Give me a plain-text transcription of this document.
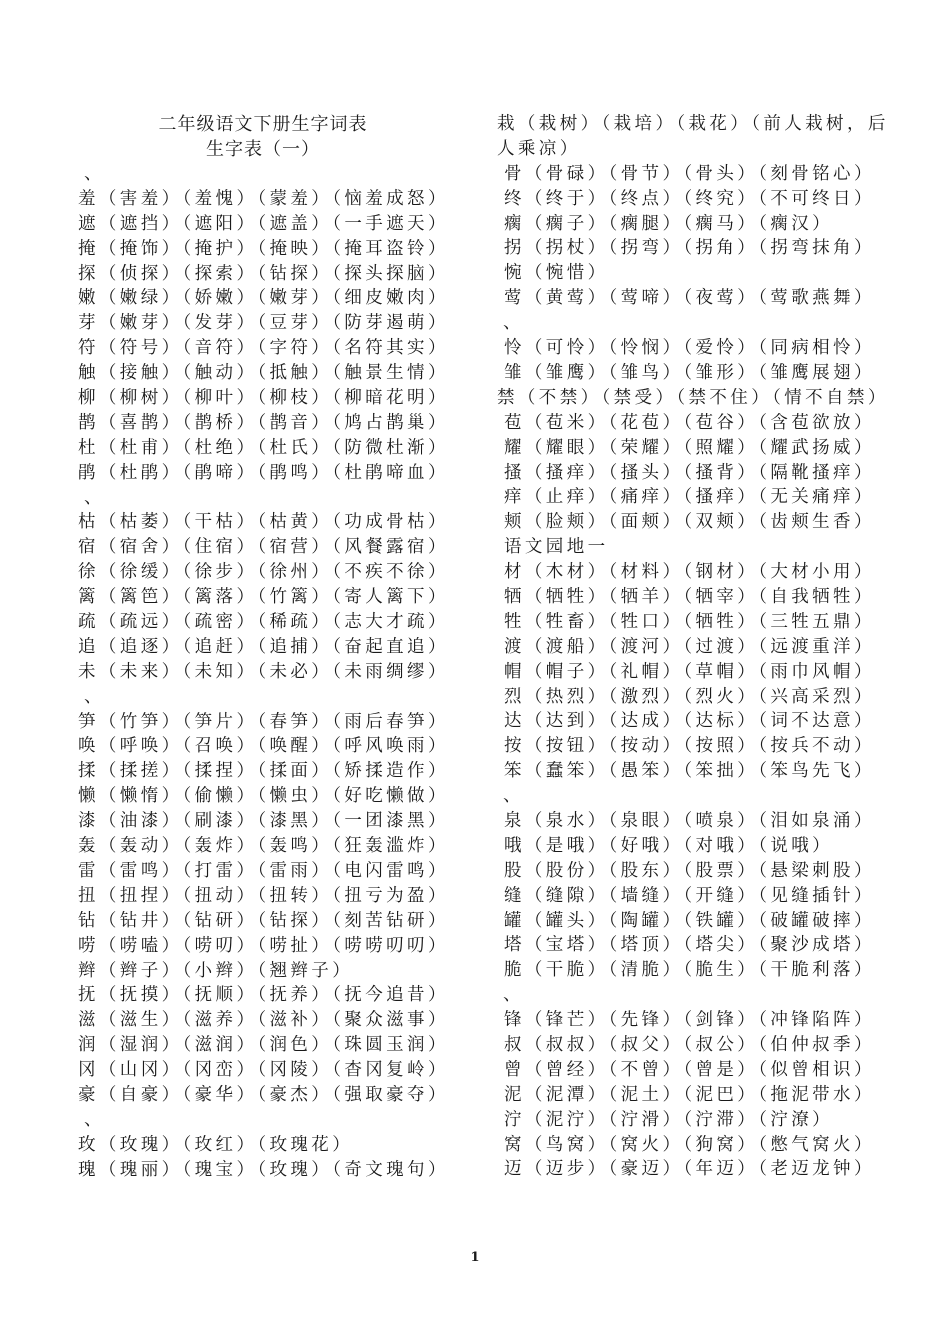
二年级语文下册生字词表
生字表（一）
、
羞（害羞）（羞愧）（蒙羞）（恼羞成怒）
遮（遮挡）（遮阳）（遮盖）（一手遮天）
掩（掩饰）（掩护）（掩映）（掩耳盗铃）
探（侦探）（探索）（钻探）（探头探脑）
嫩（嫩绿）（娇嫩）（嫩芽）（细皮嫩肉）
芽（嫩芽）（发芽）（豆芽）（防芽遏萌）
符（符号）（音符）（字符）（名符其实）
触（接触）（触动）（抵触）（触景生情）
柳（柳树）（柳叶）（柳枝）（柳暗花明）
鹊（喜鹊）（鹊桥）（鹊音）（鸠占鹊巢）
杜（杜甫）（杜绝）（杜氏）（防微杜渐）
鹃（杜鹃）（鹃啼）（鹃鸣）（杜鹃啼血）
、
枯（枯萎）（干枯）（枯黄）（功成骨枯）
宿（宿舍）（住宿）（宿营）（风餐露宿）
徐（徐缓）（徐步）（徐州）（不疾不徐）
篱（篱笆）（篱落）（竹篱）（寄人篱下）
疏（疏远）（疏密）（稀疏）（志大才疏）
追（追逐）（追赶）（追捕）（奋起直追）
未（未来）（未知）（未必）（未雨绸缪）
、
笋（竹笋）（笋片）（春笋）（雨后春笋）
唤（呼唤）（召唤）（唤醒）（呼风唤雨）
揉（揉搓）（揉捏）（揉面）（矫揉造作）
懒（懒惰）（偷懒）（懒虫）（好吃懒做）
漆（油漆）（刷漆）（漆黑）（一团漆黑）
轰（轰动）（轰炸）（轰鸣）（狂轰滥炸）
雷（雷鸣）（打雷）（雷雨）（电闪雷鸣）
扭（扭捏）（扭动）（扭转）（扭亏为盈）
钻（钻井）（钻研）（钻探）（刻苦钻研）
唠（唠嗑）（唠叨）（唠扯）（唠唠叨叨）
辫（辫子）（小辫）（翘辫子）
抚（抚摸）（抚顺）（抚养）（抚今追昔）
滋（滋生）（滋养）（滋补）（聚众滋事）
润（湿润）（滋润）（润色）（珠圆玉润）
冈（山冈）（冈峦）（冈陵）（杳冈复岭）
豪（自豪）（豪华）（豪杰）（强取豪夺）
、
玫（玫瑰）（玫红）（玫瑰花）
瑰（瑰丽）（瑰宝）（玫瑰）（奇文瑰句）
栽（栽树）（栽培）（栽花）（前人栽树，后人乘凉）
骨（骨碌）（骨节）（骨头）（刻骨铭心）
终（终于）（终点）（终究）（不可终日）
瘸（瘸子）（瘸腿）（瘸马）（瘸汉）
拐（拐杖）（拐弯）（拐角）（拐弯抹角）
惋（惋惜）
莺（黄莺）（莺啼）（夜莺）（莺歌燕舞）
、
怜（可怜）（怜悯）（爱怜）（同病相怜）
雏（雏鹰）（雏鸟）（雏形）（雏鹰展翅）
禁（不禁）（禁受）（禁不住）（情不自禁）
苞（苞米）（花苞）（苞谷）（含苞欲放）
耀（耀眼）（荣耀）（照耀）（耀武扬威）
搔（搔痒）（搔头）（搔背）（隔靴搔痒）
痒（止痒）（痛痒）（搔痒）（无关痛痒）
颊（脸颊）（面颊）（双颊）（齿颊生香）
语文园地一
材（木材）（材料）（钢材）（大材小用）
牺（牺牲）（牺羊）（牺宰）（自我牺牲）
牲（牲畜）（牲口）（牺牲）（三牲五鼎）
渡（渡船）（渡河）（过渡）（远渡重洋）
帽（帽子）（礼帽）（草帽）（雨巾风帽）
烈（热烈）（激烈）（烈火）（兴高采烈）
达（达到）（达成）（达标）（词不达意）
按（按钮）（按动）（按照）（按兵不动）
笨（蠢笨）（愚笨）（笨拙）（笨鸟先飞）
、
泉（泉水）（泉眼）（喷泉）（泪如泉涌）
哦（是哦）（好哦）（对哦）（说哦）
股（股份）（股东）（股票）（悬梁刺股）
缝（缝隙）（墙缝）（开缝）（见缝插针）
罐（罐头）（陶罐）（铁罐）（破罐破摔）
塔（宝塔）（塔顶）（塔尖）（聚沙成塔）
脆（干脆）（清脆）（脆生）（干脆利落）
、
锋（锋芒）（先锋）（剑锋）（冲锋陷阵）
叔（叔叔）（叔父）（叔公）（伯仲叔季）
曾（曾经）（不曾）（曾是）（似曾相识）
泥（泥潭）（泥土）（泥巴）（拖泥带水）
泞（泥泞）（泞滑）（泞滞）（泞潦）
窝（鸟窝）（窝火）（狗窝）（憋气窝火）
迈（迈步）（豪迈）（年迈）（老迈龙钟）
1
